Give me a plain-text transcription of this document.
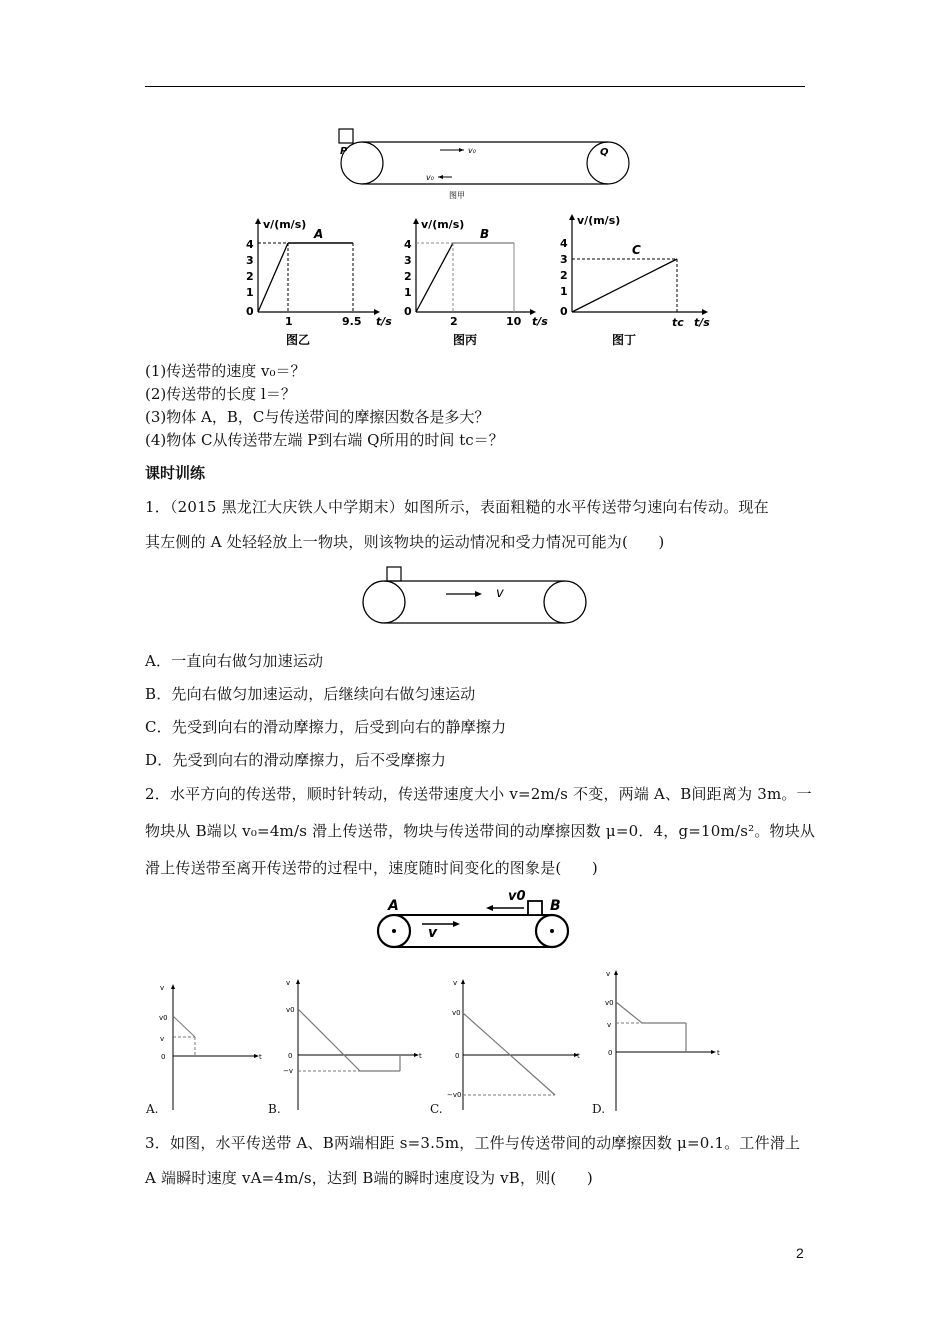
P	Q
v₀
v₀
图甲
v/(m/s)
A
4
3
2
1
0
1	9.5 t/s
图乙
v/(m/s)
B
4
3
2
1
0
2	10 t/s
图丙
v/(m/s)
C
4
3
2
1
0
tc t/s
图丁
(1)传送带的速度 v₀＝？
(2)传送带的长度 l＝？
(3)物体 A，B，C与传送带间的摩擦因数各是多大？
(4)物体 C从传送带左端 P到右端 Q所用的时间 tc＝？
课时训练
1．（2015 黑龙江大庆铁人中学期末）如图所示，表面粗糙的水平传送带匀速向右传动。现在
其左侧的 A 处轻轻放上一物块，则该物块的运动情况和受力情况可能为(　　)
v
A．一直向右做匀加速运动
B．先向右做匀加速运动，后继续向右做匀速运动
C．先受到向右的滑动摩擦力，后受到向右的静摩擦力
D．先受到向右的滑动摩擦力，后不受摩擦力
2．水平方向的传送带，顺时针转动，传送带速度大小 v=2m/s 不变，两端 A、B间距离为 3m。一
物块从 B端以 v₀=4m/s 滑上传送带，物块与传送带间的动摩擦因数 μ=0．4，g=10m/s²。物块从
滑上传送带至离开传送带的过程中，速度随时间变化的图象是(　　)
A	B
v0
v
v
v0
v
0	t
A.
v
v0
0
−v
t
B.
v
v0
0
−v0
t
C.
v
v0
v
0	t
D.
3．如图，水平传送带 A、B两端相距 s=3.5m，工件与传送带间的动摩擦因数 μ=0.1。工件滑上
A 端瞬时速度 vA=4m/s，达到 B端的瞬时速度设为 vB，则(　　)
2
